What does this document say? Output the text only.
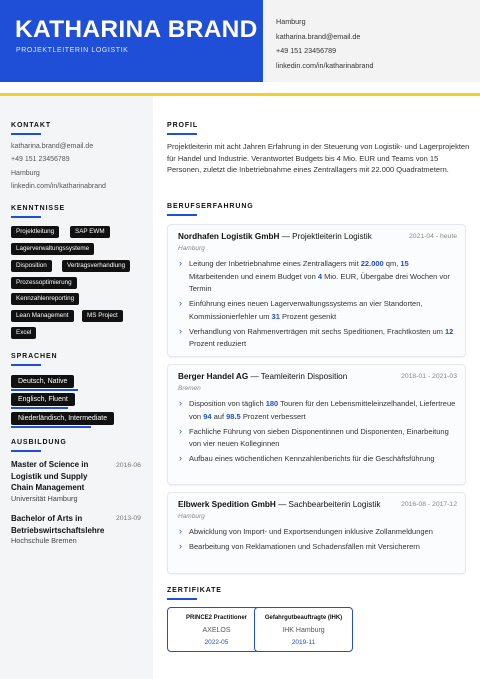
KATHARINA BRAND
PROJEKTLEITERIN LOGISTIK
Hamburg
katharina.brand@email.de
+49 151 23456789
linkedin.com/in/katharinabrand
KONTAKT
katharina.brand@email.de
+49 151 23456789
Hamburg
linkedin.com/in/katharinabrand
KENNTNISSE
Projektleitung	SAP EWM
Lagerverwaltungssysteme
Disposition	Vertragsverhandlung
Prozessoptimierung
Kennzahlenreporting
Lean Management	MS Project
Excel
SPRACHEN
Deutsch, Native
Englisch, Fluent
Niederländisch, Intermediate
AUSBILDUNG
Master of Science in Logistik und Supply Chain Management
2016-06
Universität Hamburg
Bachelor of Arts in Betriebswirtschaftslehre
2013-09
Hochschule Bremen
PROFIL
Projektleiterin mit acht Jahren Erfahrung in der Steuerung von Logistik- und Lagerprojekten für Handel und Industrie. Verantwortet Budgets bis 4 Mio. EUR und Teams von 15 Personen, zuletzt die Inbetriebnahme eines Zentrallagers mit 22.000 Quadratmetern.
BERUFSERFAHRUNG
Nordhafen Logistik GmbH — Projektleiterin Logistik	2021-04 - heute
Hamburg
› Leitung der Inbetriebnahme eines Zentrallagers mit 22.000 qm, 15 Mitarbeitenden und einem Budget von 4 Mio. EUR, Übergabe drei Wochen vor Termin
› Einführung eines neuen Lagerverwaltungssystems an vier Standorten, Kommissionierfehler um 31 Prozent gesenkt
› Verhandlung von Rahmenverträgen mit sechs Speditionen, Frachtkosten um 12 Prozent reduziert
Berger Handel AG — Teamleiterin Disposition	2018-01 - 2021-03
Bremen
› Disposition von täglich 180 Touren für den Lebensmitteleinzelhandel, Liefertreue von 94 auf 98.5 Prozent verbessert
› Fachliche Führung von sieben Disponentinnen und Disponenten, Einarbeitung von vier neuen Kolleginnen
› Aufbau eines wöchentlichen Kennzahlenberichts für die Geschäftsführung
Elbwerk Spedition GmbH — Sachbearbeiterin Logistik	2016-08 - 2017-12
Hamburg
› Abwicklung von Import- und Exportsendungen inklusive Zollanmeldungen
› Bearbeitung von Reklamationen und Schadensfällen mit Versicherern
ZERTIFIKATE
PRINCE2 Practitioner
AXELOS
2022-05
Gefahrgutbeauftragte (IHK)
IHK Hamburg
2019-11
